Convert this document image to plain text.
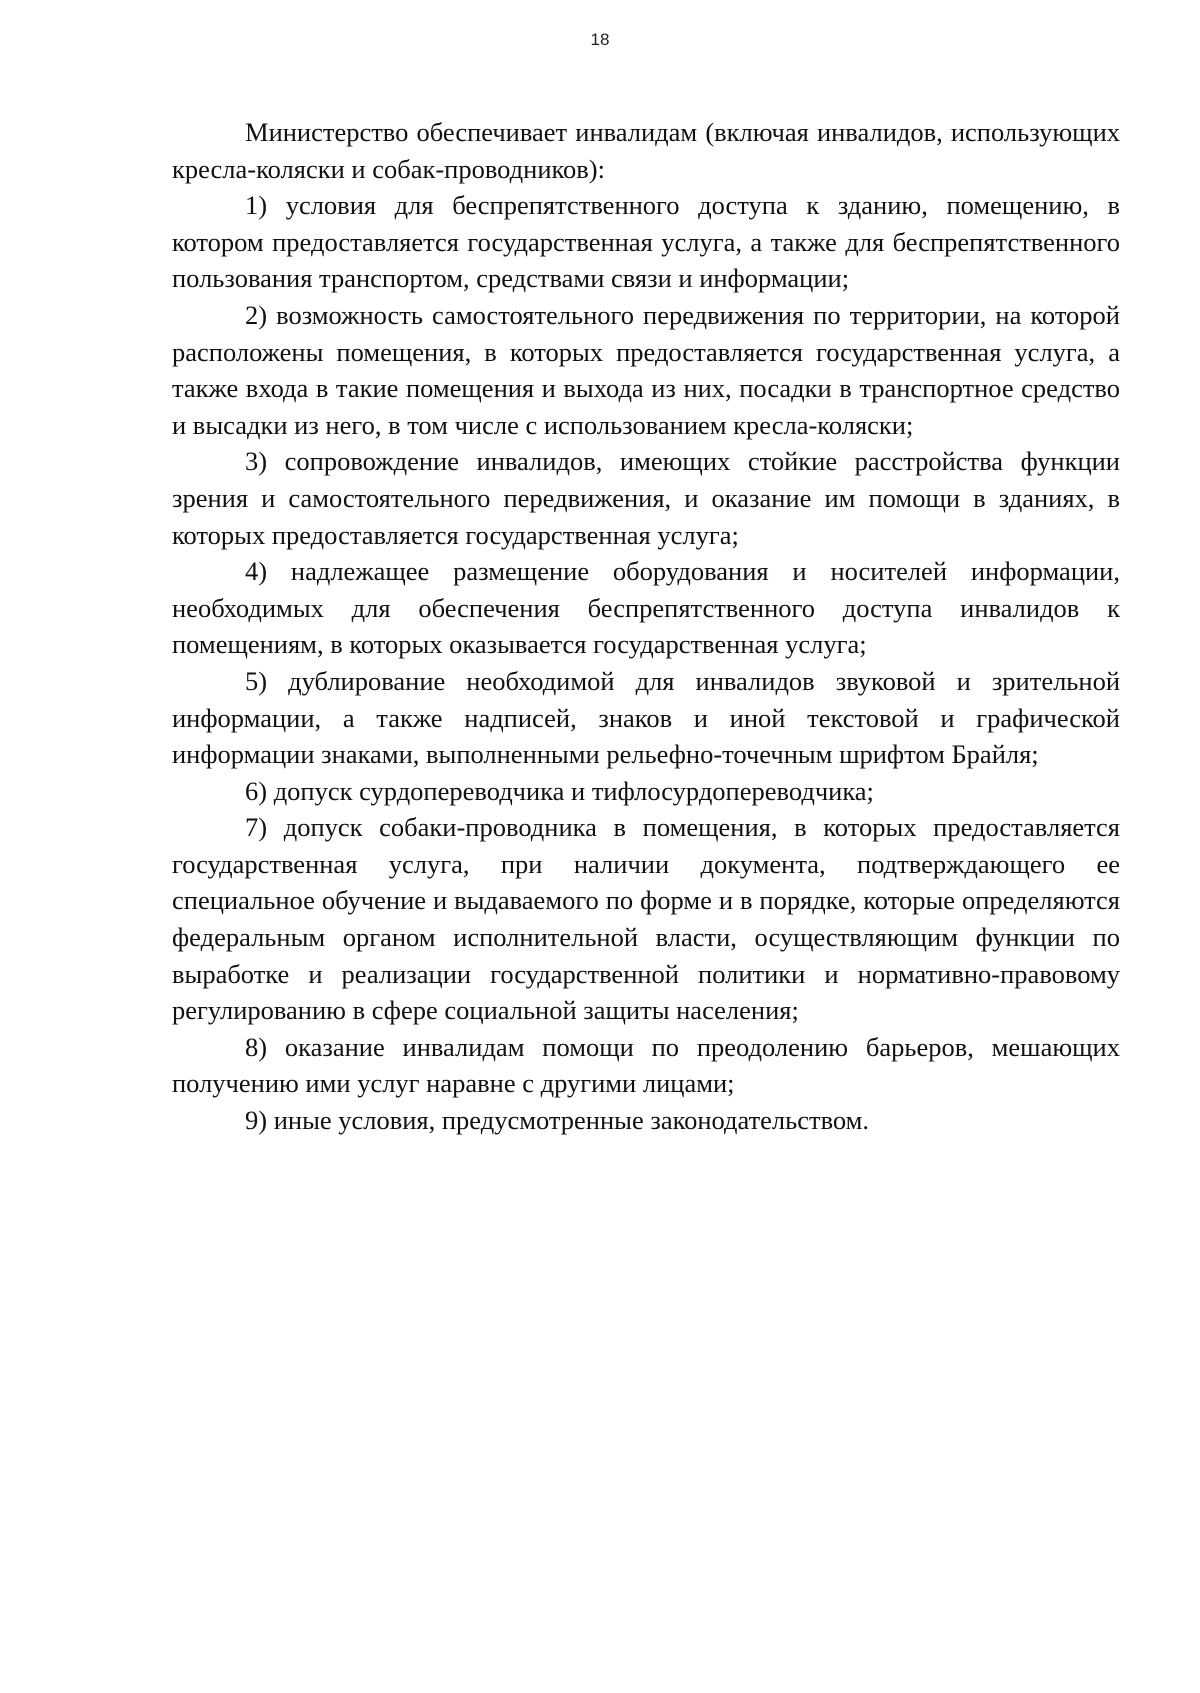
18

Министерство обеспечивает инвалидам (включая инвалидов, использующих кресла-коляски и собак-проводников):

1) условия для беспрепятственного доступа к зданию, помещению, в котором предоставляется государственная услуга, а также для беспрепятственного пользования транспортом, средствами связи и информации;

2) возможность самостоятельного передвижения по территории, на которой расположены помещения, в которых предоставляется государственная услуга, а также входа в такие помещения и выхода из них, посадки в транспортное средство и высадки из него, в том числе с использованием кресла-коляски;

3) сопровождение инвалидов, имеющих стойкие расстройства функции зрения и самостоятельного передвижения, и оказание им помощи в зданиях, в которых предоставляется государственная услуга;

4) надлежащее размещение оборудования и носителей информации, необходимых для обеспечения беспрепятственного доступа инвалидов к помещениям, в которых оказывается государственная услуга;

5) дублирование необходимой для инвалидов звуковой и зрительной информации, а также надписей, знаков и иной текстовой и графической информации знаками, выполненными рельефно-точечным шрифтом Брайля;

6) допуск сурдопереводчика и тифлосурдопереводчика;

7) допуск собаки-проводника в помещения, в которых предоставляется государственная услуга, при наличии документа, подтверждающего ее специальное обучение и выдаваемого по форме и в порядке, которые определяются федеральным органом исполнительной власти, осуществляющим функции по выработке и реализации государственной политики и нормативно-правовому регулированию в сфере социальной защиты населения;

8) оказание инвалидам помощи по преодолению барьеров, мешающих получению ими услуг наравне с другими лицами;

9) иные условия, предусмотренные законодательством.
